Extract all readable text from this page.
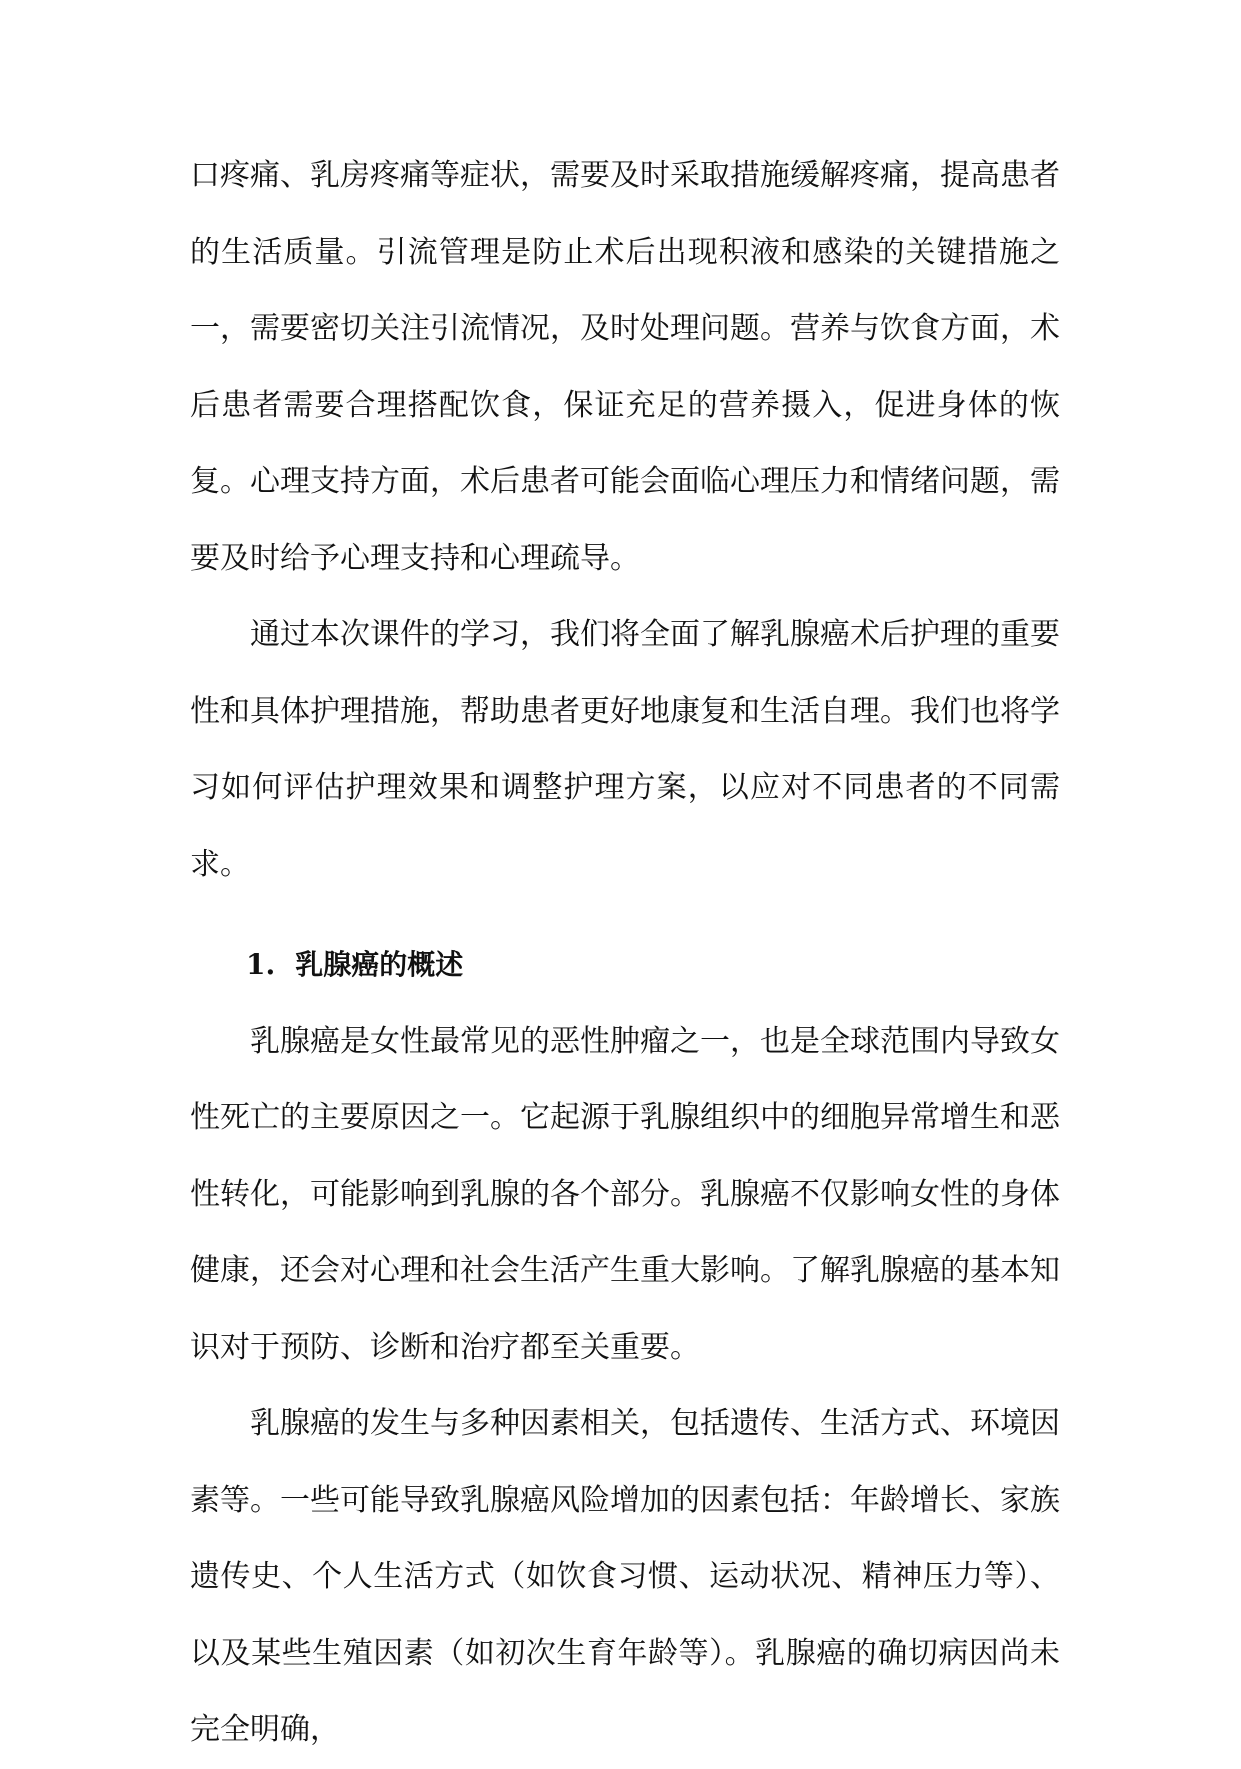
口疼痛、乳房疼痛等症状，需要及时采取措施缓解疼痛，提高患者的生活质量。引流管理是防止术后出现积液和感染的关键措施之一，需要密切关注引流情况，及时处理问题。营养与饮食方面，术后患者需要合理搭配饮食，保证充足的营养摄入，促进身体的恢复。心理支持方面，术后患者可能会面临心理压力和情绪问题，需要及时给予心理支持和心理疏导。

通过本次课件的学习，我们将全面了解乳腺癌术后护理的重要性和具体护理措施，帮助患者更好地康复和生活自理。我们也将学习如何评估护理效果和调整护理方案，以应对不同患者的不同需求。

1. 乳腺癌的概述

乳腺癌是女性最常见的恶性肿瘤之一，也是全球范围内导致女性死亡的主要原因之一。它起源于乳腺组织中的细胞异常增生和恶性转化，可能影响到乳腺的各个部分。乳腺癌不仅影响女性的身体健康，还会对心理和社会生活产生重大影响。了解乳腺癌的基本知识对于预防、诊断和治疗都至关重要。

乳腺癌的发生与多种因素相关，包括遗传、生活方式、环境因素等。一些可能导致乳腺癌风险增加的因素包括：年龄增长、家族遗传史、个人生活方式（如饮食习惯、运动状况、精神压力等）、以及某些生殖因素（如初次生育年龄等）。乳腺癌的确切病因尚未完全明确，
